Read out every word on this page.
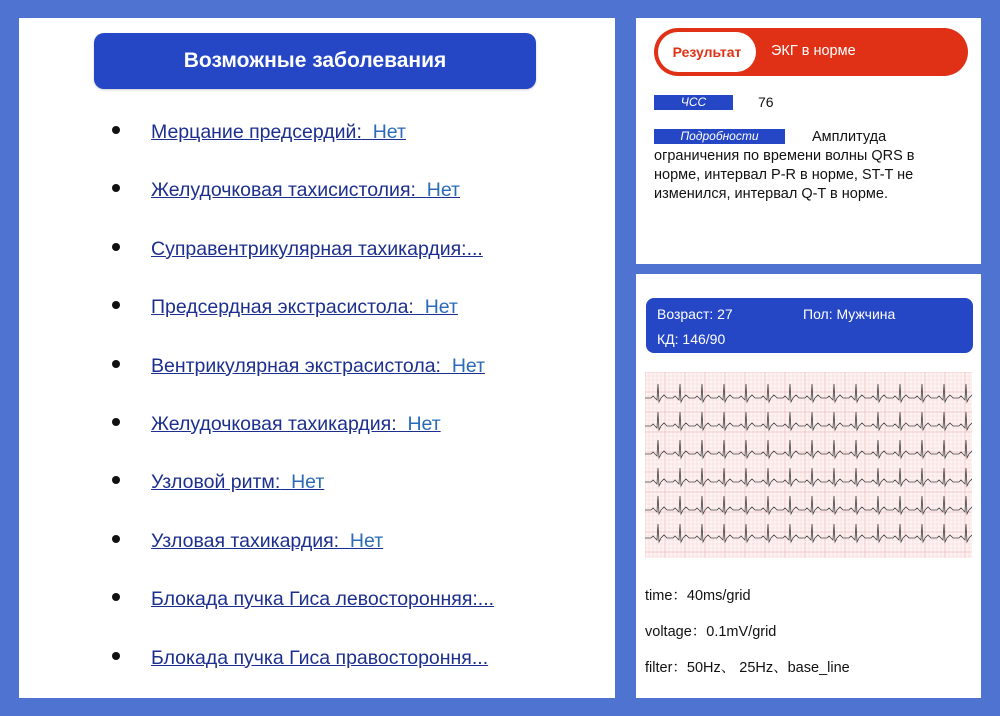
Возможные заболевания
Мерцание предсердий: Нет
Желудочковая тахисистолия: Нет
Суправентрикулярная тахикардия:...
Предсердная экстрасистола: Нет
Вентрикулярная экстрасистола: Нет
Желудочковая тахикардия: Нет
Узловой ритм: Нет
Узловая тахикардия: Нет
Блокада пучка Гиса левосторонняя:...
Блокада пучка Гиса правостороння...
Результат	ЭКГ в норме
ЧСС	76
Подробности	Амплитуда ограничения по времени волны QRS в норме, интервал P-R в норме, ST-T не изменился, интервал Q-T в норме.
Возраст: 27	Пол: Мужчина
КД: 146/90
time：40ms/grid
voltage：0.1mV/grid
filter：50Hz、 25Hz、base_line
